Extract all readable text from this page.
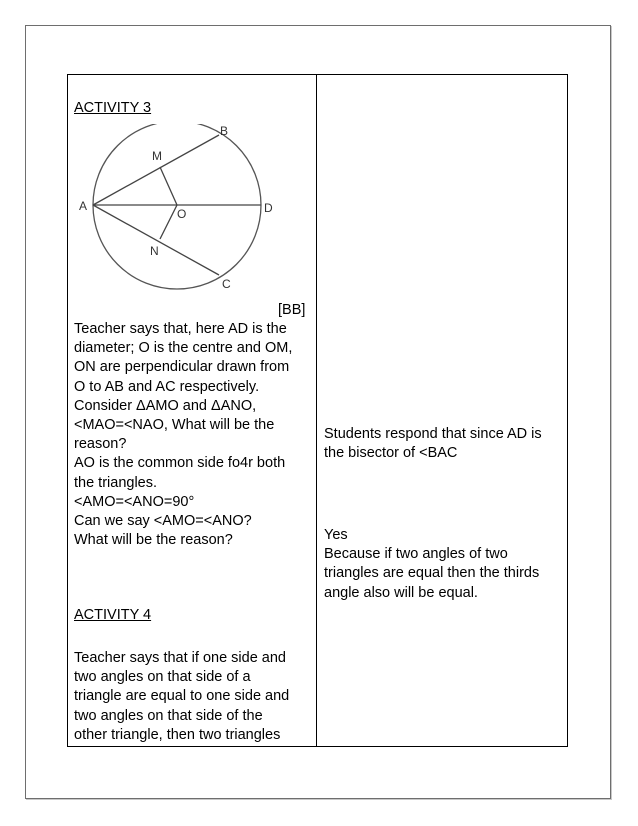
ACTIVITY 3
A
B
C
D
M
N
O
[BB]
Teacher says that, here AD is the
diameter; O is the centre and OM,
ON are perpendicular drawn from
O to AB and AC respectively.
Consider ΔAMO and ΔANO,
<MAO=<NAO, What will be the
reason?
AO is the common side fo4r both
the triangles.
<AMO=<ANO=90°
Can we say <AMO=<ANO?
What will be the reason?
ACTIVITY 4
Teacher says that if one side and
two angles on that side of a
triangle are equal to one side and
two angles on that side of the
other triangle, then two triangles
Students respond that since AD is
the bisector of <BAC
Yes
Because if two angles of two
triangles are equal then the thirds
angle also will be equal.
